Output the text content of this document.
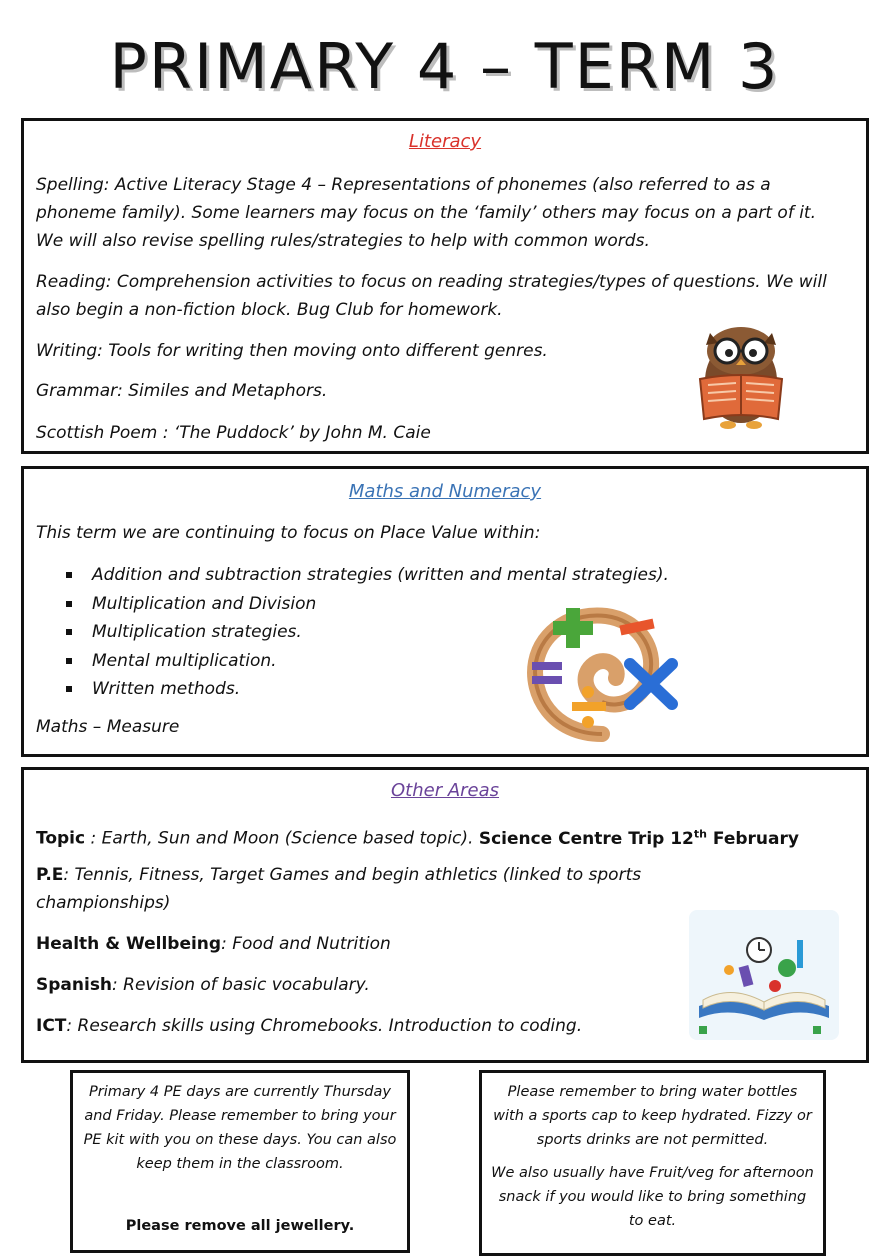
PRIMARY 4 – TERM 3
Literacy
Spelling: Active Literacy Stage 4 – Representations of phonemes (also referred to as a phoneme family). Some learners may focus on the ‘family’ others may focus on a part of it. We will also revise spelling rules/strategies to help with common words.
Reading: Comprehension activities to focus on reading strategies/types of questions. We will also begin a non-fiction block. Bug Club for homework.
Writing: Tools for writing then moving onto different genres.
Grammar: Similes and Metaphors.
Scottish Poem : ‘The Puddock’ by John M. Caie
Maths and Numeracy
This term we are continuing to focus on Place Value within:
Addition and subtraction strategies (written and mental strategies).
Multiplication and Division
Multiplication strategies.
Mental multiplication.
Written methods.
Maths – Measure
Other Areas
Topic : Earth, Sun and Moon (Science based topic). Science Centre Trip 12th February
P.E: Tennis, Fitness, Target Games and begin athletics (linked to sports championships)
Health & Wellbeing: Food and Nutrition
Spanish: Revision of basic vocabulary.
ICT: Research skills using Chromebooks. Introduction to coding.
Primary 4 PE days are currently Thursday and Friday. Please remember to bring your PE kit with you on these days. You can also keep them in the classroom.
Please remove all jewellery.
Please remember to bring water bottles with a sports cap to keep hydrated. Fizzy or sports drinks are not permitted.
We also usually have Fruit/veg for afternoon snack if you would like to bring something to eat.
